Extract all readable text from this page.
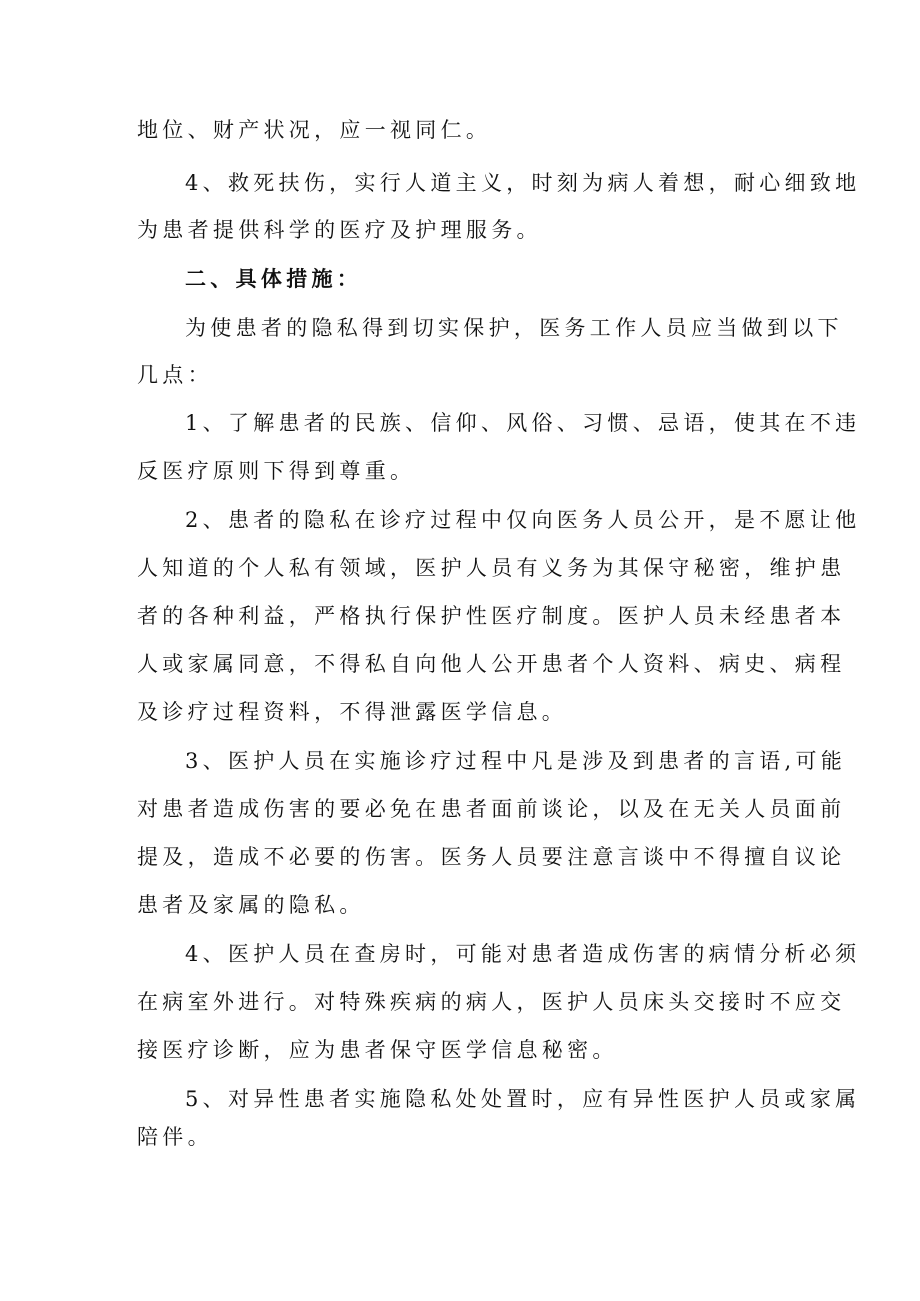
地位、财产状况，应一视同仁。
4、救死扶伤，实行人道主义，时刻为病人着想，耐心细致地
为患者提供科学的医疗及护理服务。
二、具体措施：
为使患者的隐私得到切实保护，医务工作人员应当做到以下
几点：
1、了解患者的民族、信仰、风俗、习惯、忌语，使其在不违
反医疗原则下得到尊重。
2、患者的隐私在诊疗过程中仅向医务人员公开，是不愿让他
人知道的个人私有领域，医护人员有义务为其保守秘密，维护患
者的各种利益，严格执行保护性医疗制度。医护人员未经患者本
人或家属同意，不得私自向他人公开患者个人资料、病史、病程
及诊疗过程资料，不得泄露医学信息。
3、医护人员在实施诊疗过程中凡是涉及到患者的言语,可能
对患者造成伤害的要必免在患者面前谈论，以及在无关人员面前
提及，造成不必要的伤害。医务人员要注意言谈中不得擅自议论
患者及家属的隐私。
4、医护人员在查房时，可能对患者造成伤害的病情分析必须
在病室外进行。对特殊疾病的病人，医护人员床头交接时不应交
接医疗诊断，应为患者保守医学信息秘密。
5、对异性患者实施隐私处处置时，应有异性医护人员或家属
陪伴。
